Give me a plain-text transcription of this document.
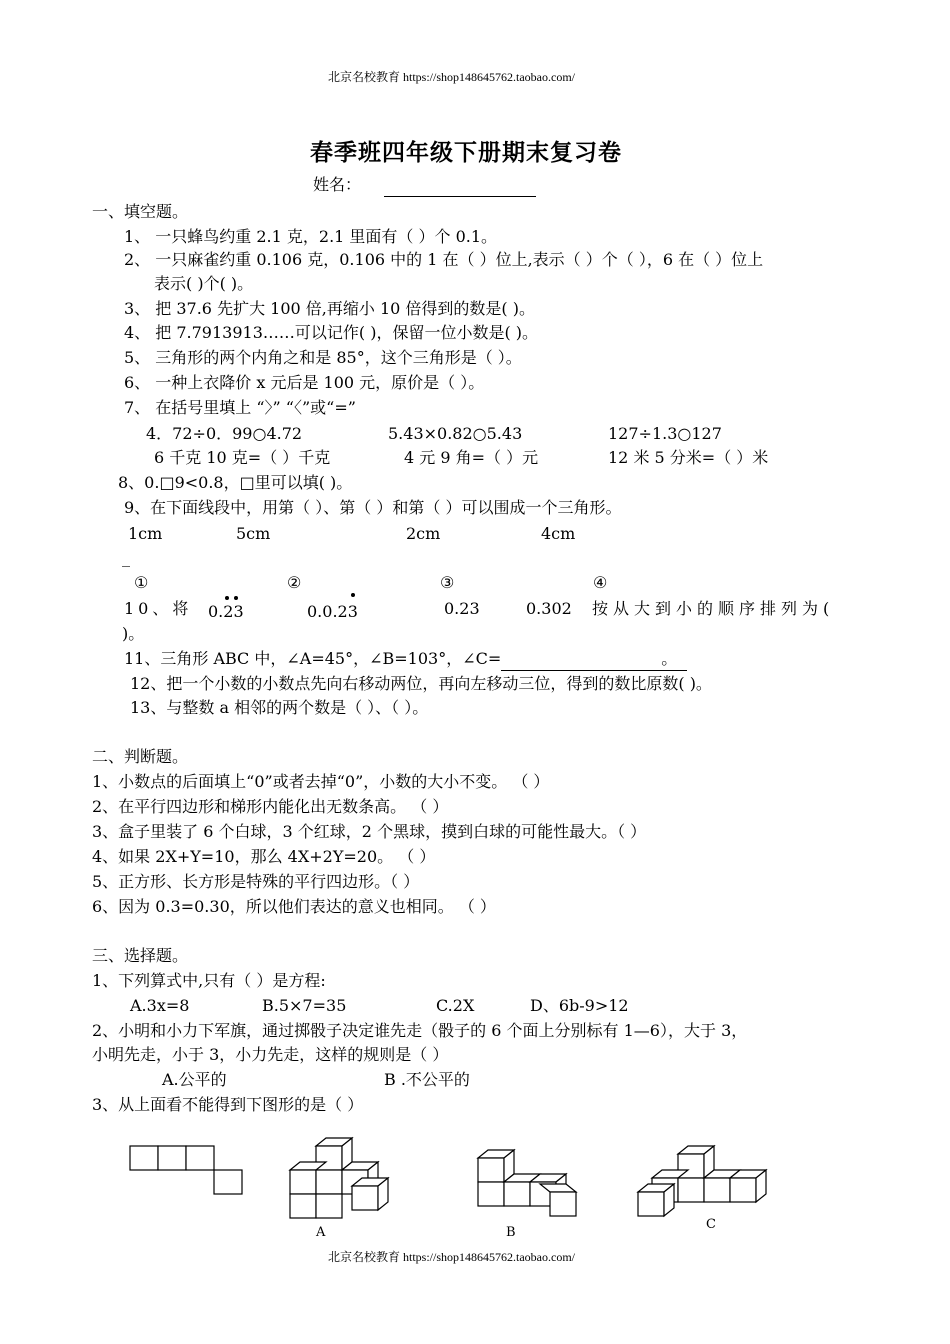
北京名校教育 https://shop148645762.taobao.com/
春季班四年级下册期末复习卷
姓名：
一、填空题。
1、 一只蜂鸟约重 2.1 克，2.1 里面有（ ）个 0.1。
2、 一只麻雀约重 0.106 克，0.106 中的 1 在（ ）位上,表示（ ）个（ ），6 在（ ）位上
表示( )个( )。
3、 把 37.6 先扩大 100 倍,再缩小 10 倍得到的数是( )。
4、 把 7.7913913……可以记作( )，保留一位小数是( )。
5、 三角形的两个内角之和是 85°，这个三角形是（ ）。
6、 一种上衣降价 x 元后是 100 元，原价是（ ）。
7、 在括号里填上 “〉” “〈”或“=”
4．72÷0．99○4.72	5.43×0.82○5.43	127÷1.3○127
6 千克 10 克=（ ）千克	4 元 9 角=（ ）元	12 米 5 分米=（ ）米
8、0.□9<0.8，□里可以填( )。
9、在下面线段中，用第（ ）、第（ ）和第（ ）可以围成一个三角形。
1cm	5cm	2cm	4cm
_
①	②	③	④
10、将 0.23	0.0.23	0.23	0.302 按从大到小的顺序排列为(
)。
11、三角形 ABC 中，∠A=45°，∠B=103°，∠C=	。
12、把一个小数的小数点先向右移动两位，再向左移动三位，得到的数比原数( )。
13、与整数 a 相邻的两个数是（ ）、（ ）。
二、判断题。
1、小数点的后面填上“0”或者去掉“0”，小数的大小不变。 （ ）
2、在平行四边形和梯形内能化出无数条高。 （ ）
3、盒子里装了 6 个白球，3 个红球，2 个黑球，摸到白球的可能性最大。（ ）
4、如果 2X+Y=10，那么 4X+2Y=20。 （ ）
5、正方形、长方形是特殊的平行四边形。（ ）
6、因为 0.3=0.30，所以他们表达的意义也相同。 （ ）
三、选择题。
1、下列算式中,只有（ ）是方程:
A.3x=8	B.5×7=35	C.2X	D、6b-9>12
2、小明和小力下军旗，通过掷骰子决定谁先走（骰子的 6 个面上分别标有 1—6），大于 3，
小明先走，小于 3，小力先走，这样的规则是（ ）
A.公平的	B .不公平的
3、从上面看不能得到下图形的是（ ）
A	B
C
北京名校教育 https://shop148645762.taobao.com/
